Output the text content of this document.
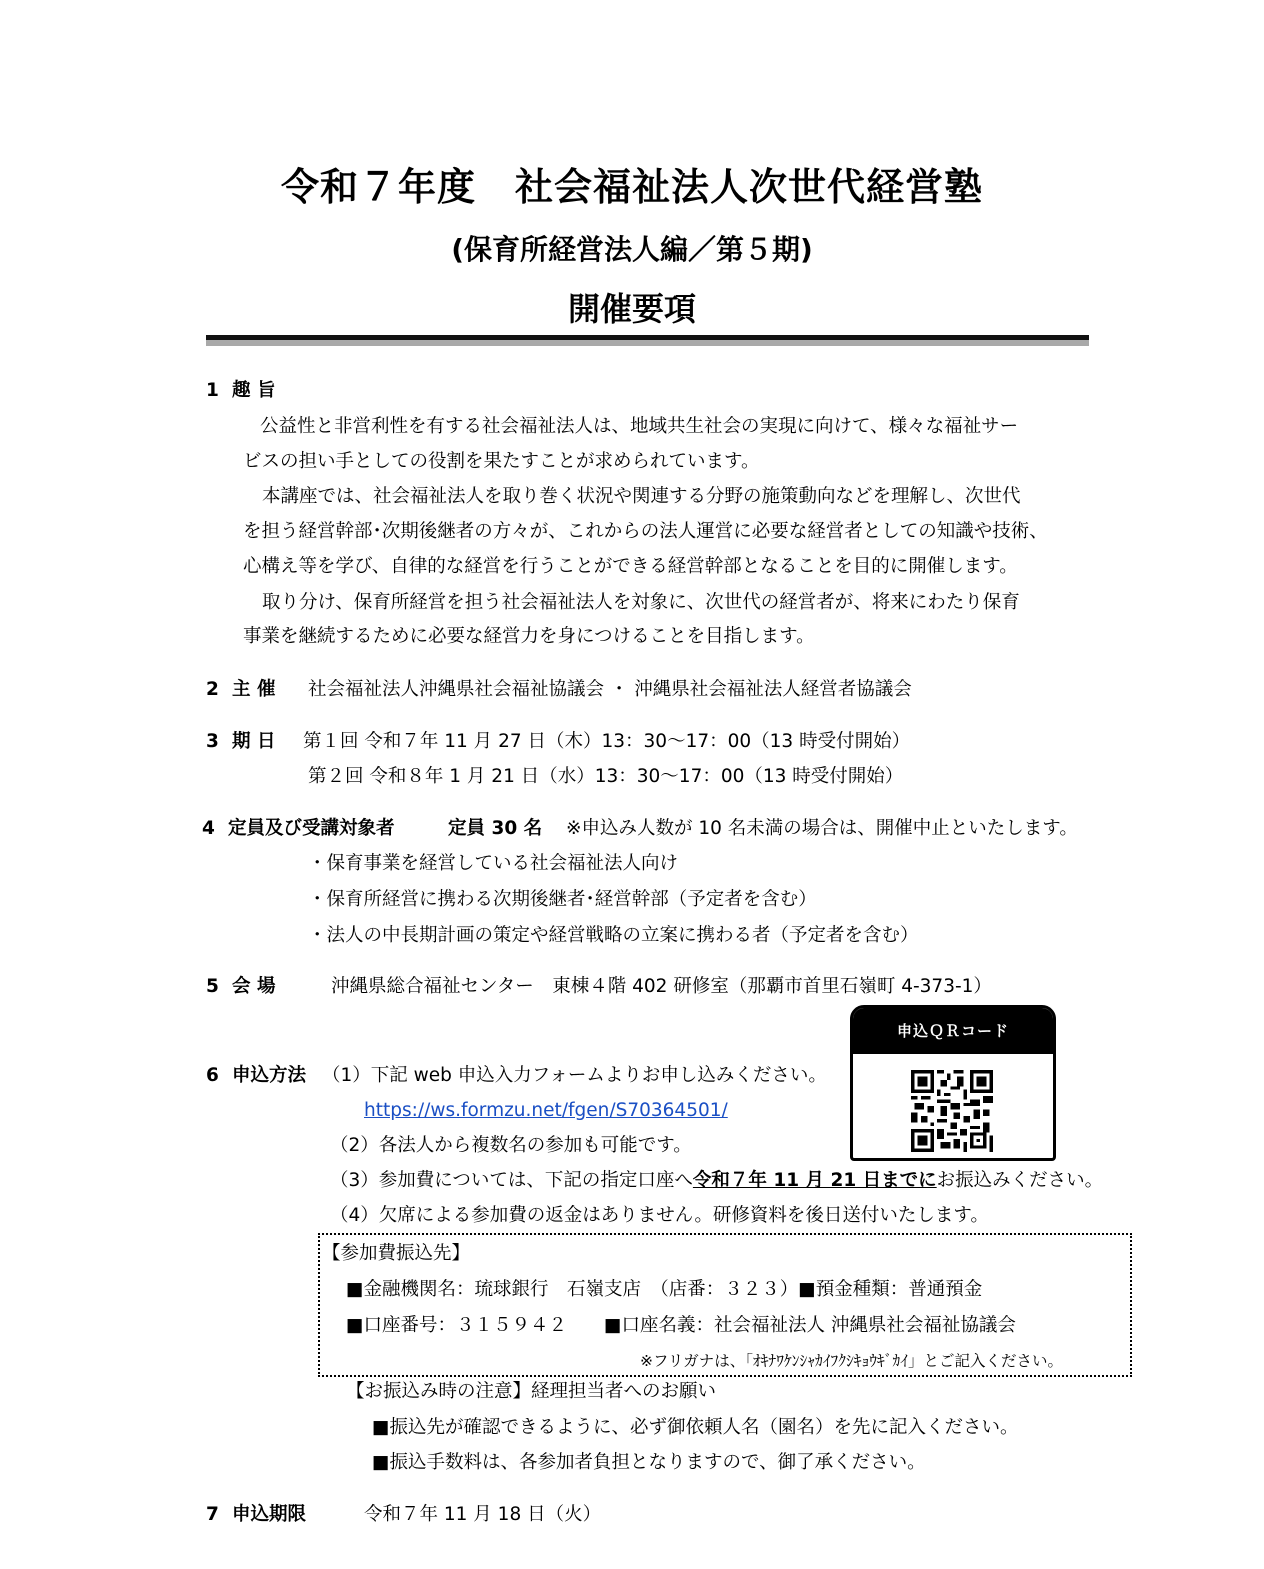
令和７年度　社会福祉法人次世代経営塾
(保育所経営法人編／第５期)
開催要項
1 趣 旨
公益性と非営利性を有する社会福祉法人は、地域共生社会の実現に向けて、様々な福祉サー
ビスの担い手としての役割を果たすことが求められています。
本講座では、社会福祉法人を取り巻く状況や関連する分野の施策動向などを理解し、次世代
を担う経営幹部･次期後継者の方々が、これからの法人運営に必要な経営者としての知識や技術、
心構え等を学び、自律的な経営を行うことができる経営幹部となることを目的に開催します。
取り分け、保育所経営を担う社会福祉法人を対象に、次世代の経営者が、将来にわたり保育
事業を継続するために必要な経営力を身につけることを目指します。
2 主 催 社会福祉法人沖縄県社会福祉協議会 ・ 沖縄県社会福祉法人経営者協議会
3 期 日 第１回 令和７年 11 月 27 日（木）13：30～17：00（13 時受付開始）
第２回 令和８年 1 月 21 日（水）13：30～17：00（13 時受付開始）
4 定員及び受講対象者	定員 30 名 ※申込み人数が 10 名未満の場合は、開催中止といたします。
・保育事業を経営している社会福祉法人向け
・保育所経営に携わる次期後継者･経営幹部（予定者を含む）
・法人の中長期計画の策定や経営戦略の立案に携わる者（予定者を含む）
5 会 場	沖縄県総合福祉センター　東棟４階 402 研修室（那覇市首里石嶺町 4-373-1）
申込ＱＲコード
6 申込方法 （1）下記 web 申込入力フォームよりお申し込みください。
https://ws.formzu.net/fgen/S70364501/
（2）各法人から複数名の参加も可能です。
（3）参加費については、下記の指定口座へ令和７年 11 月 21 日までにお振込みください。
（4）欠席による参加費の返金はありません。研修資料を後日送付いたします。
【参加費振込先】
■金融機関名：琉球銀行　石嶺支店　（店番：３２３）■預金種類：普通預金
■口座番号：３１５９４２　　■口座名義：社会福祉法人 沖縄県社会福祉協議会
※フリガナは、「ｵｷﾅﾜｹﾝｼｬｶｲﾌｸｼｷｮｳｷﾞｶｲ」とご記入ください。
【お振込み時の注意】経理担当者へのお願い
■振込先が確認できるように、必ず御依頼人名（園名）を先に記入ください。
■振込手数料は、各参加者負担となりますので、御了承ください。
7 申込期限	令和７年 11 月 18 日（火）
